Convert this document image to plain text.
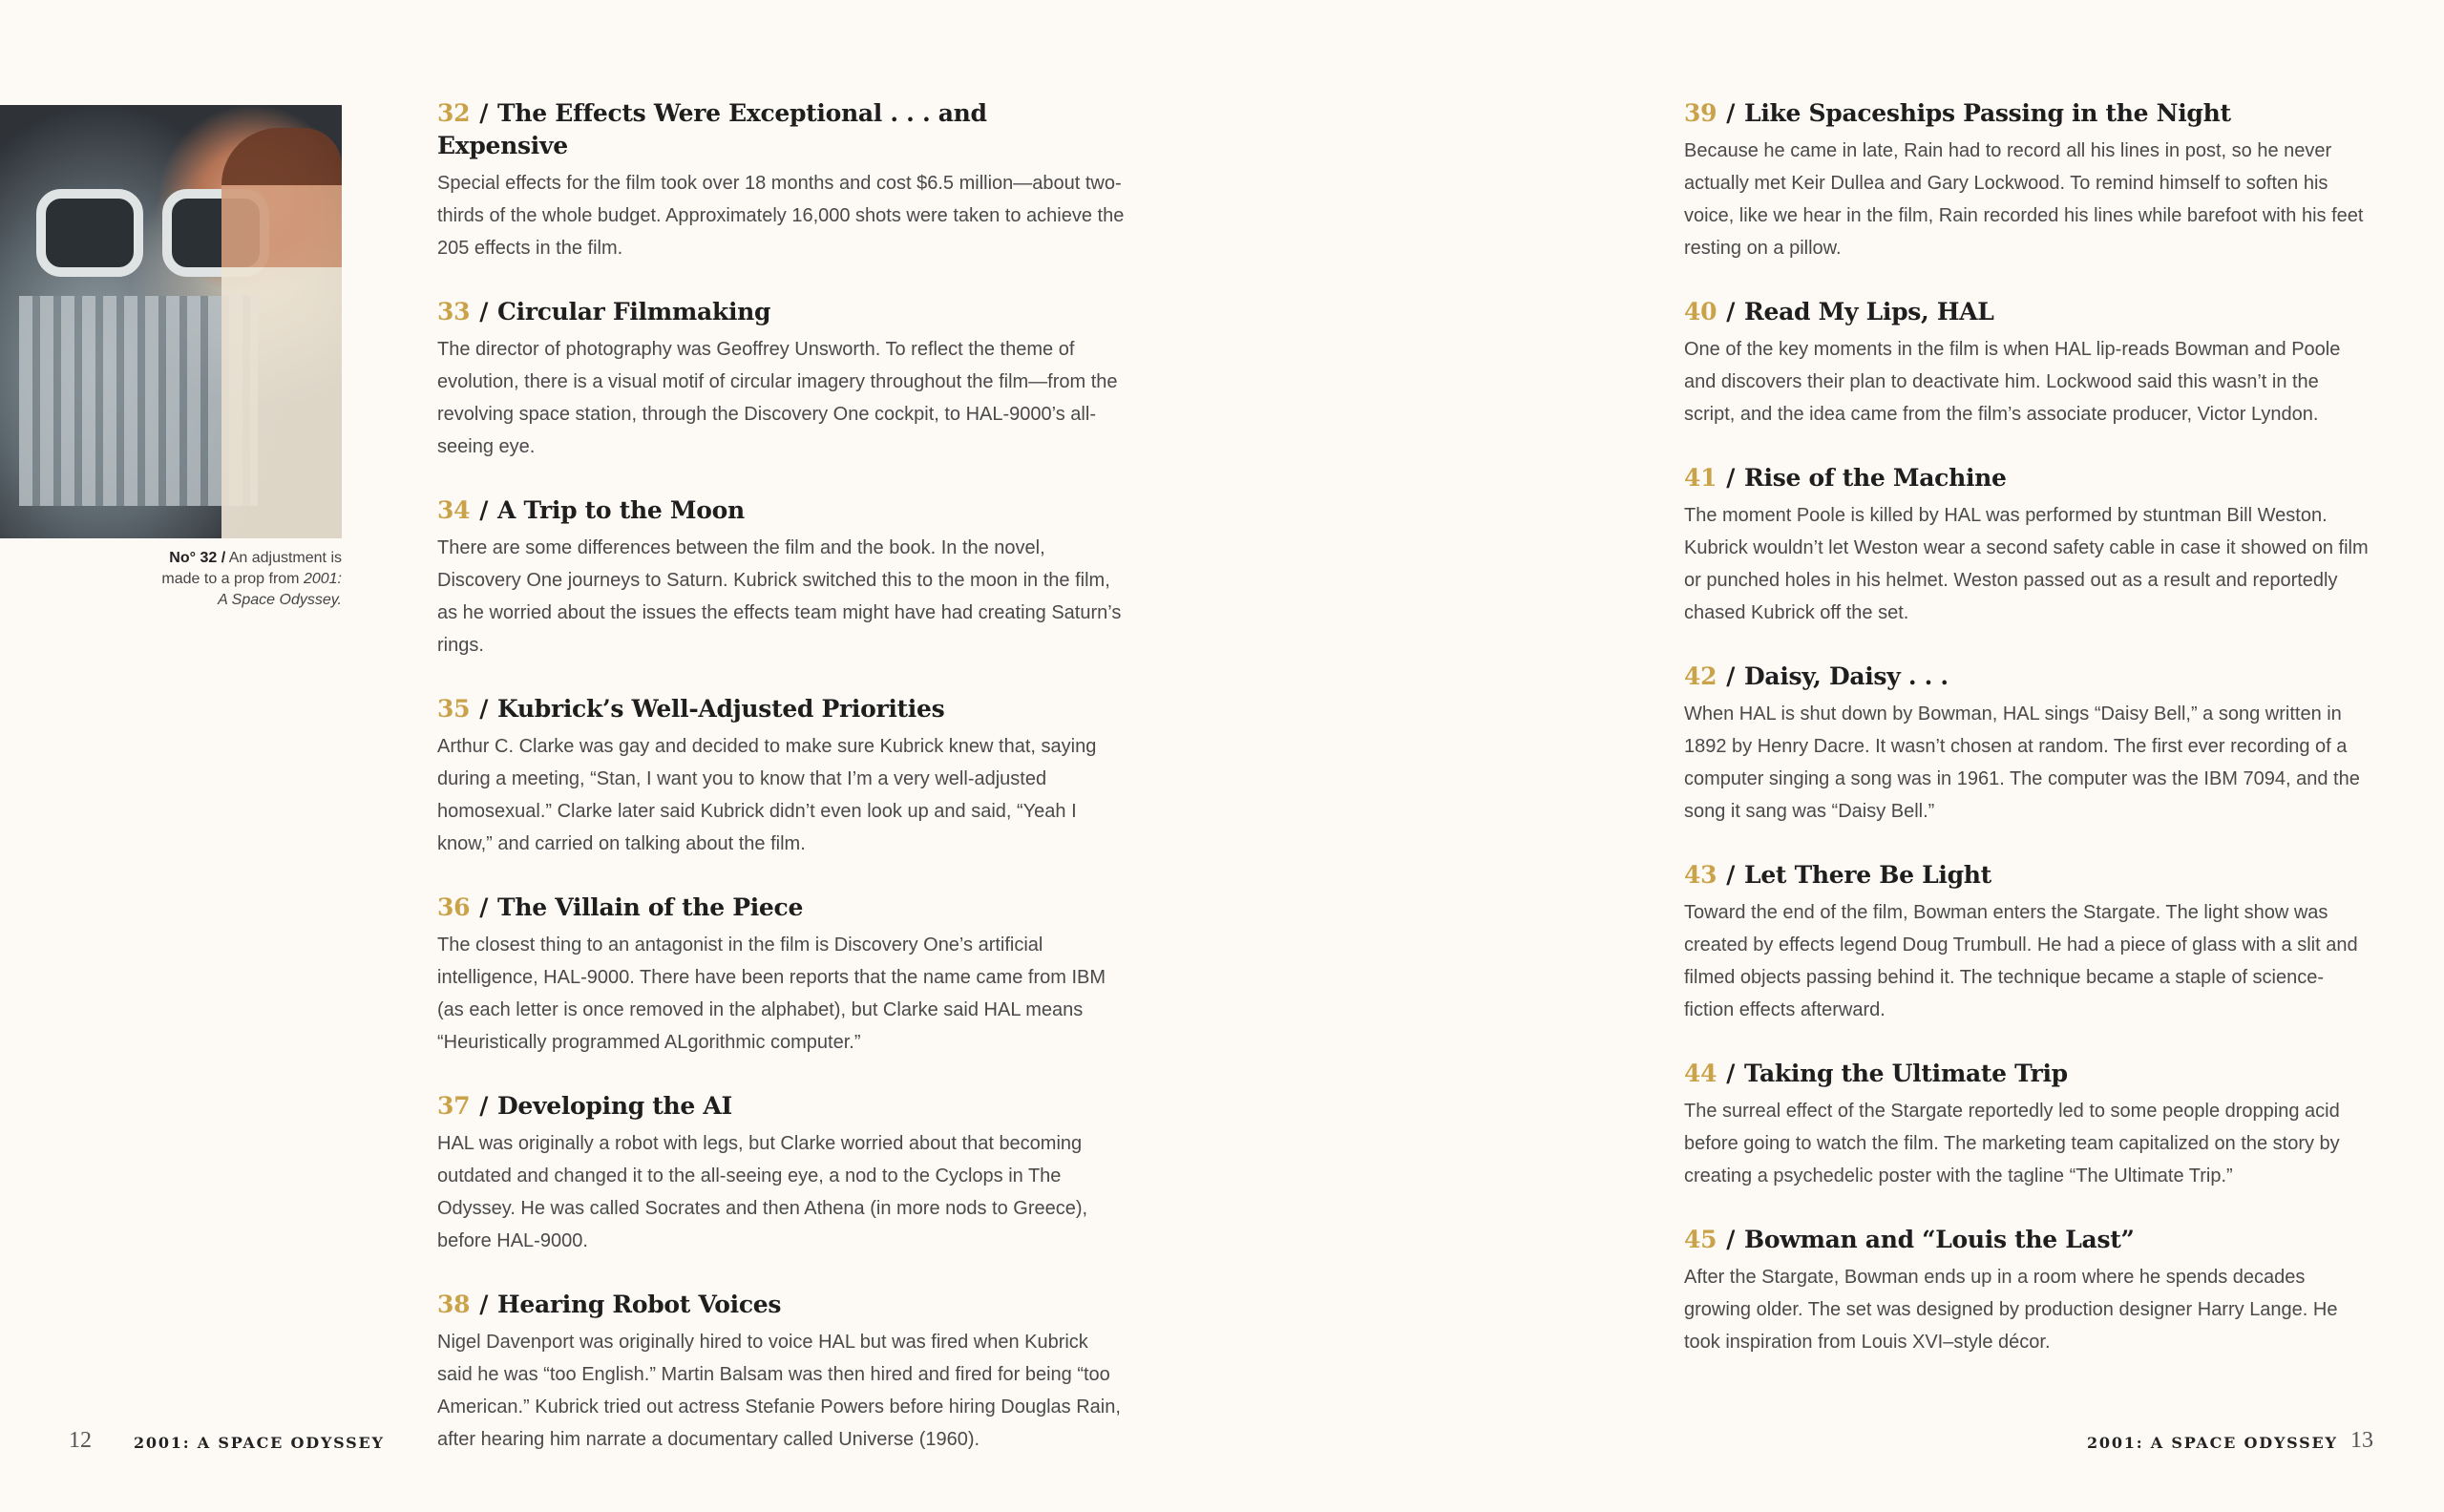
No° 32 / An adjustment is made to a prop from 2001: A Space Odyssey.
32 / The Effects Were Exceptional . . . and Expensive

Special effects for the film took over 18 months and cost $6.5 million—about two-thirds of the whole budget. Approximately 16,000 shots were taken to achieve the 205 effects in the film.

33 / Circular Filmmaking

The director of photography was Geoffrey Unsworth. To reflect the theme of evolution, there is a visual motif of circular imagery throughout the film—from the revolving space station, through the Discovery One cockpit, to HAL-9000’s all-seeing eye.

34 / A Trip to the Moon

There are some differences between the film and the book. In the novel, Discovery One journeys to Saturn. Kubrick switched this to the moon in the film, as he worried about the issues the effects team might have had creating Saturn’s rings.

35 / Kubrick’s Well-Adjusted Priorities

Arthur C. Clarke was gay and decided to make sure Kubrick knew that, saying during a meeting, “Stan, I want you to know that I’m a very well-adjusted homosexual.” Clarke later said Kubrick didn’t even look up and said, “Yeah I know,” and carried on talking about the film.

36 / The Villain of the Piece

The closest thing to an antagonist in the film is Discovery One’s artificial intelligence, HAL-9000. There have been reports that the name came from IBM (as each letter is once removed in the alphabet), but Clarke said HAL means “Heuristically programmed ALgorithmic computer.”

37 / Developing the AI

HAL was originally a robot with legs, but Clarke worried about that becoming outdated and changed it to the all-seeing eye, a nod to the Cyclops in The Odyssey. He was called Socrates and then Athena (in more nods to Greece), before HAL-9000.

38 / Hearing Robot Voices

Nigel Davenport was originally hired to voice HAL but was fired when Kubrick said he was “too English.” Martin Balsam was then hired and fired for being “too American.” Kubrick tried out actress Stefanie Powers before hiring Douglas Rain, after hearing him narrate a documentary called Universe (1960).

39 / Like Spaceships Passing in the Night

Because he came in late, Rain had to record all his lines in post, so he never actually met Keir Dullea and Gary Lockwood. To remind himself to soften his voice, like we hear in the film, Rain recorded his lines while barefoot with his feet resting on a pillow.

40 / Read My Lips, HAL

One of the key moments in the film is when HAL lip-reads Bowman and Poole and discovers their plan to deactivate him. Lockwood said this wasn’t in the script, and the idea came from the film’s associate producer, Victor Lyndon.

41 / Rise of the Machine

The moment Poole is killed by HAL was performed by stuntman Bill Weston. Kubrick wouldn’t let Weston wear a second safety cable in case it showed on film or punched holes in his helmet. Weston passed out as a result and reportedly chased Kubrick off the set.

42 / Daisy, Daisy . . .

When HAL is shut down by Bowman, HAL sings “Daisy Bell,” a song written in 1892 by Henry Dacre. It wasn’t chosen at random. The first ever recording of a computer singing a song was in 1961. The computer was the IBM 7094, and the song it sang was “Daisy Bell.”

43 / Let There Be Light

Toward the end of the film, Bowman enters the Stargate. The light show was created by effects legend Doug Trumbull. He had a piece of glass with a slit and filmed objects passing behind it. The technique became a staple of science-fiction effects afterward.

44 / Taking the Ultimate Trip

The surreal effect of the Stargate reportedly led to some people dropping acid before going to watch the film. The marketing team capitalized on the story by creating a psychedelic poster with the tagline “The Ultimate Trip.”

45 / Bowman and “Louis the Last”

After the Stargate, Bowman ends up in a room where he spends decades growing older. The set was designed by production designer Harry Lange. He took inspiration from Louis XVI–style décor.

12	2001: A SPACE ODYSSEY	2001: A SPACE ODYSSEY 13
